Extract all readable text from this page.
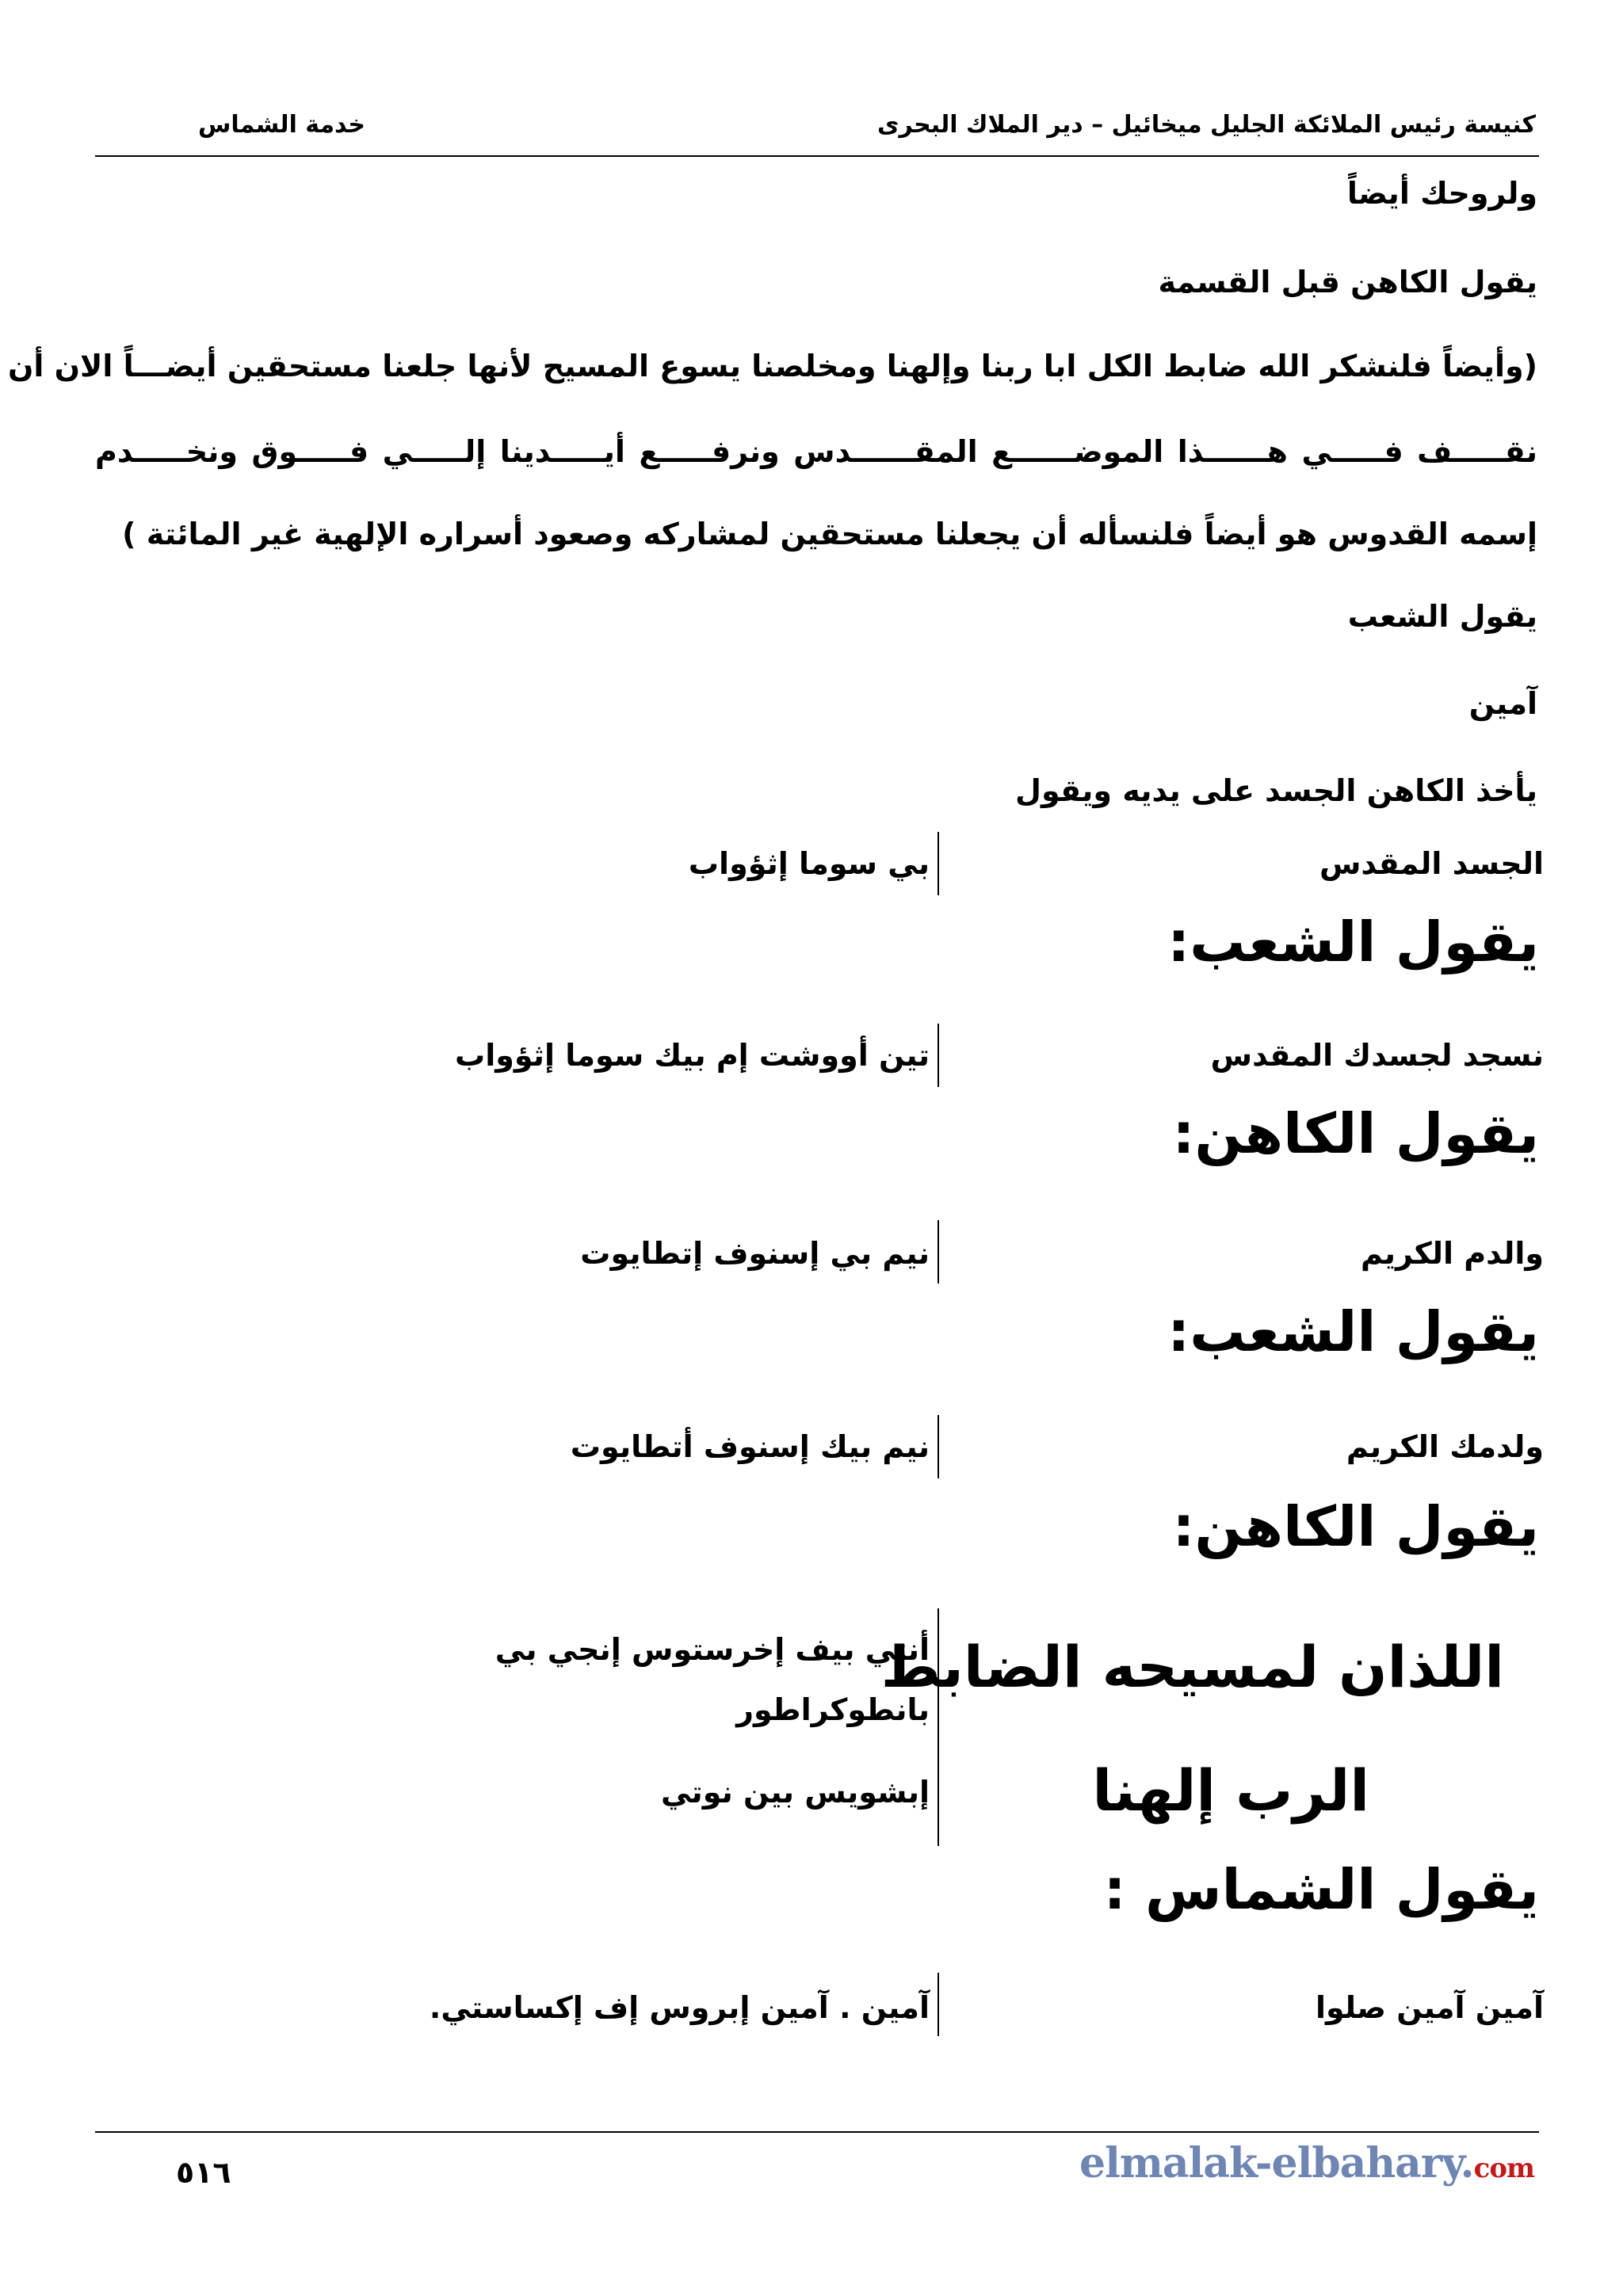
خدمة الشماس	كنيسة رئيس الملائكة الجليل ميخائيل – دير الملاك البحرى
ولروحك أيضاً
يقول الكاهن قبل القسمة
(وأيضاً فلنشكر الله ضابط الكل ابا ربنا وإلهنا ومخلصنا يسوع المسيح لأنها جلعنا مستحقين أيضـــاً الان أن
نقـــــف فـــــي هــــــذا الموضــــــع المقــــــدس ونرفـــــع أيـــــدينا إلـــــي فـــــوق ونخـــــدم
إسمه القدوس هو أيضاً فلنسأله أن يجعلنا مستحقين لمشاركه وصعود أسراره الإلهية غير المائتة )
يقول الشعب
آمين
يأخذ الكاهن الجسد على يديه ويقول
الجسد المقدس
بي سوما إثؤواب
يقول الشعب:
نسجد لجسدك المقدس
تين أووشت إم بيك سوما إثؤواب
يقول الكاهن:
والدم الكريم
نيم بي إسنوف إتطايوت
يقول الشعب:
ولدمك الكريم
نيم بيك إسنوف أتطايوت
يقول الكاهن:
اللذان لمسيحه الضابط
الرب إلهنا
أنتي بيف إخرستوس إنجي بي
بانطوكراطور
إبشويس بين نوتي
يقول الشماس :
آمين آمين صلوا
آمين . آمين إبروس إف إكساستي.
٥١٦	elmalak-elbahary.com
